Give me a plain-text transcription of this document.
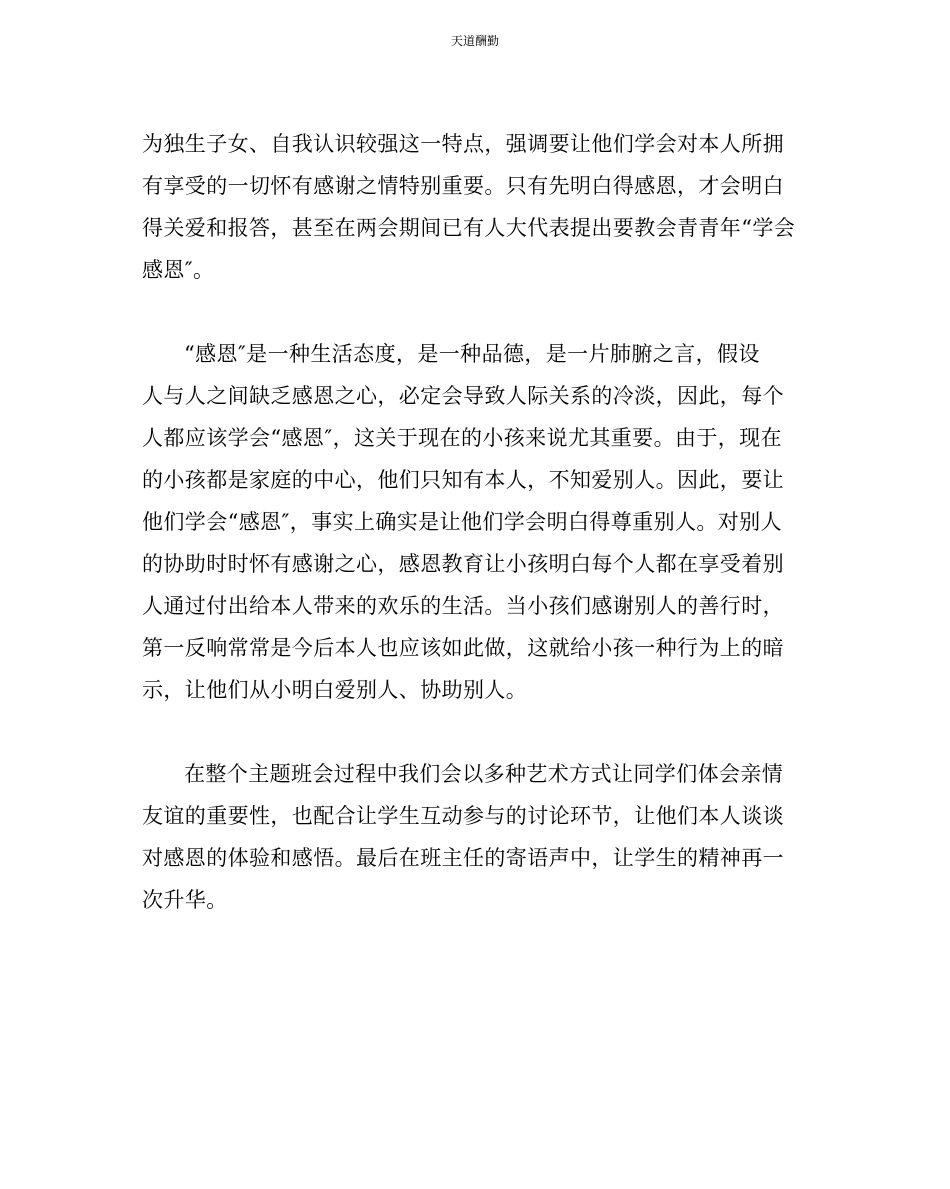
天道酬勤
为独生子女、自我认识较强这一特点，强调要让他们学会对本人所拥
有享受的一切怀有感谢之情特别重要。只有先明白得感恩，才会明白
得关爱和报答，甚至在两会期间已有人大代表提出要教会青青年“学会
感恩″。
“感恩″是一种生活态度，是一种品德，是一片肺腑之言，假设
人与人之间缺乏感恩之心，必定会导致人际关系的冷淡，因此，每个
人都应该学会“感恩″，这关于现在的小孩来说尤其重要。由于，现在
的小孩都是家庭的中心，他们只知有本人，不知爱别人。因此，要让
他们学会“感恩″，事实上确实是让他们学会明白得尊重别人。对别人
的协助时时怀有感谢之心，感恩教育让小孩明白每个人都在享受着别
人通过付出给本人带来的欢乐的生活。当小孩们感谢别人的善行时，
第一反响常常是今后本人也应该如此做，这就给小孩一种行为上的暗
示，让他们从小明白爱别人、协助别人。
在整个主题班会过程中我们会以多种艺术方式让同学们体会亲情
友谊的重要性，也配合让学生互动参与的讨论环节，让他们本人谈谈
对感恩的体验和感悟。最后在班主任的寄语声中，让学生的精神再一
次升华。
